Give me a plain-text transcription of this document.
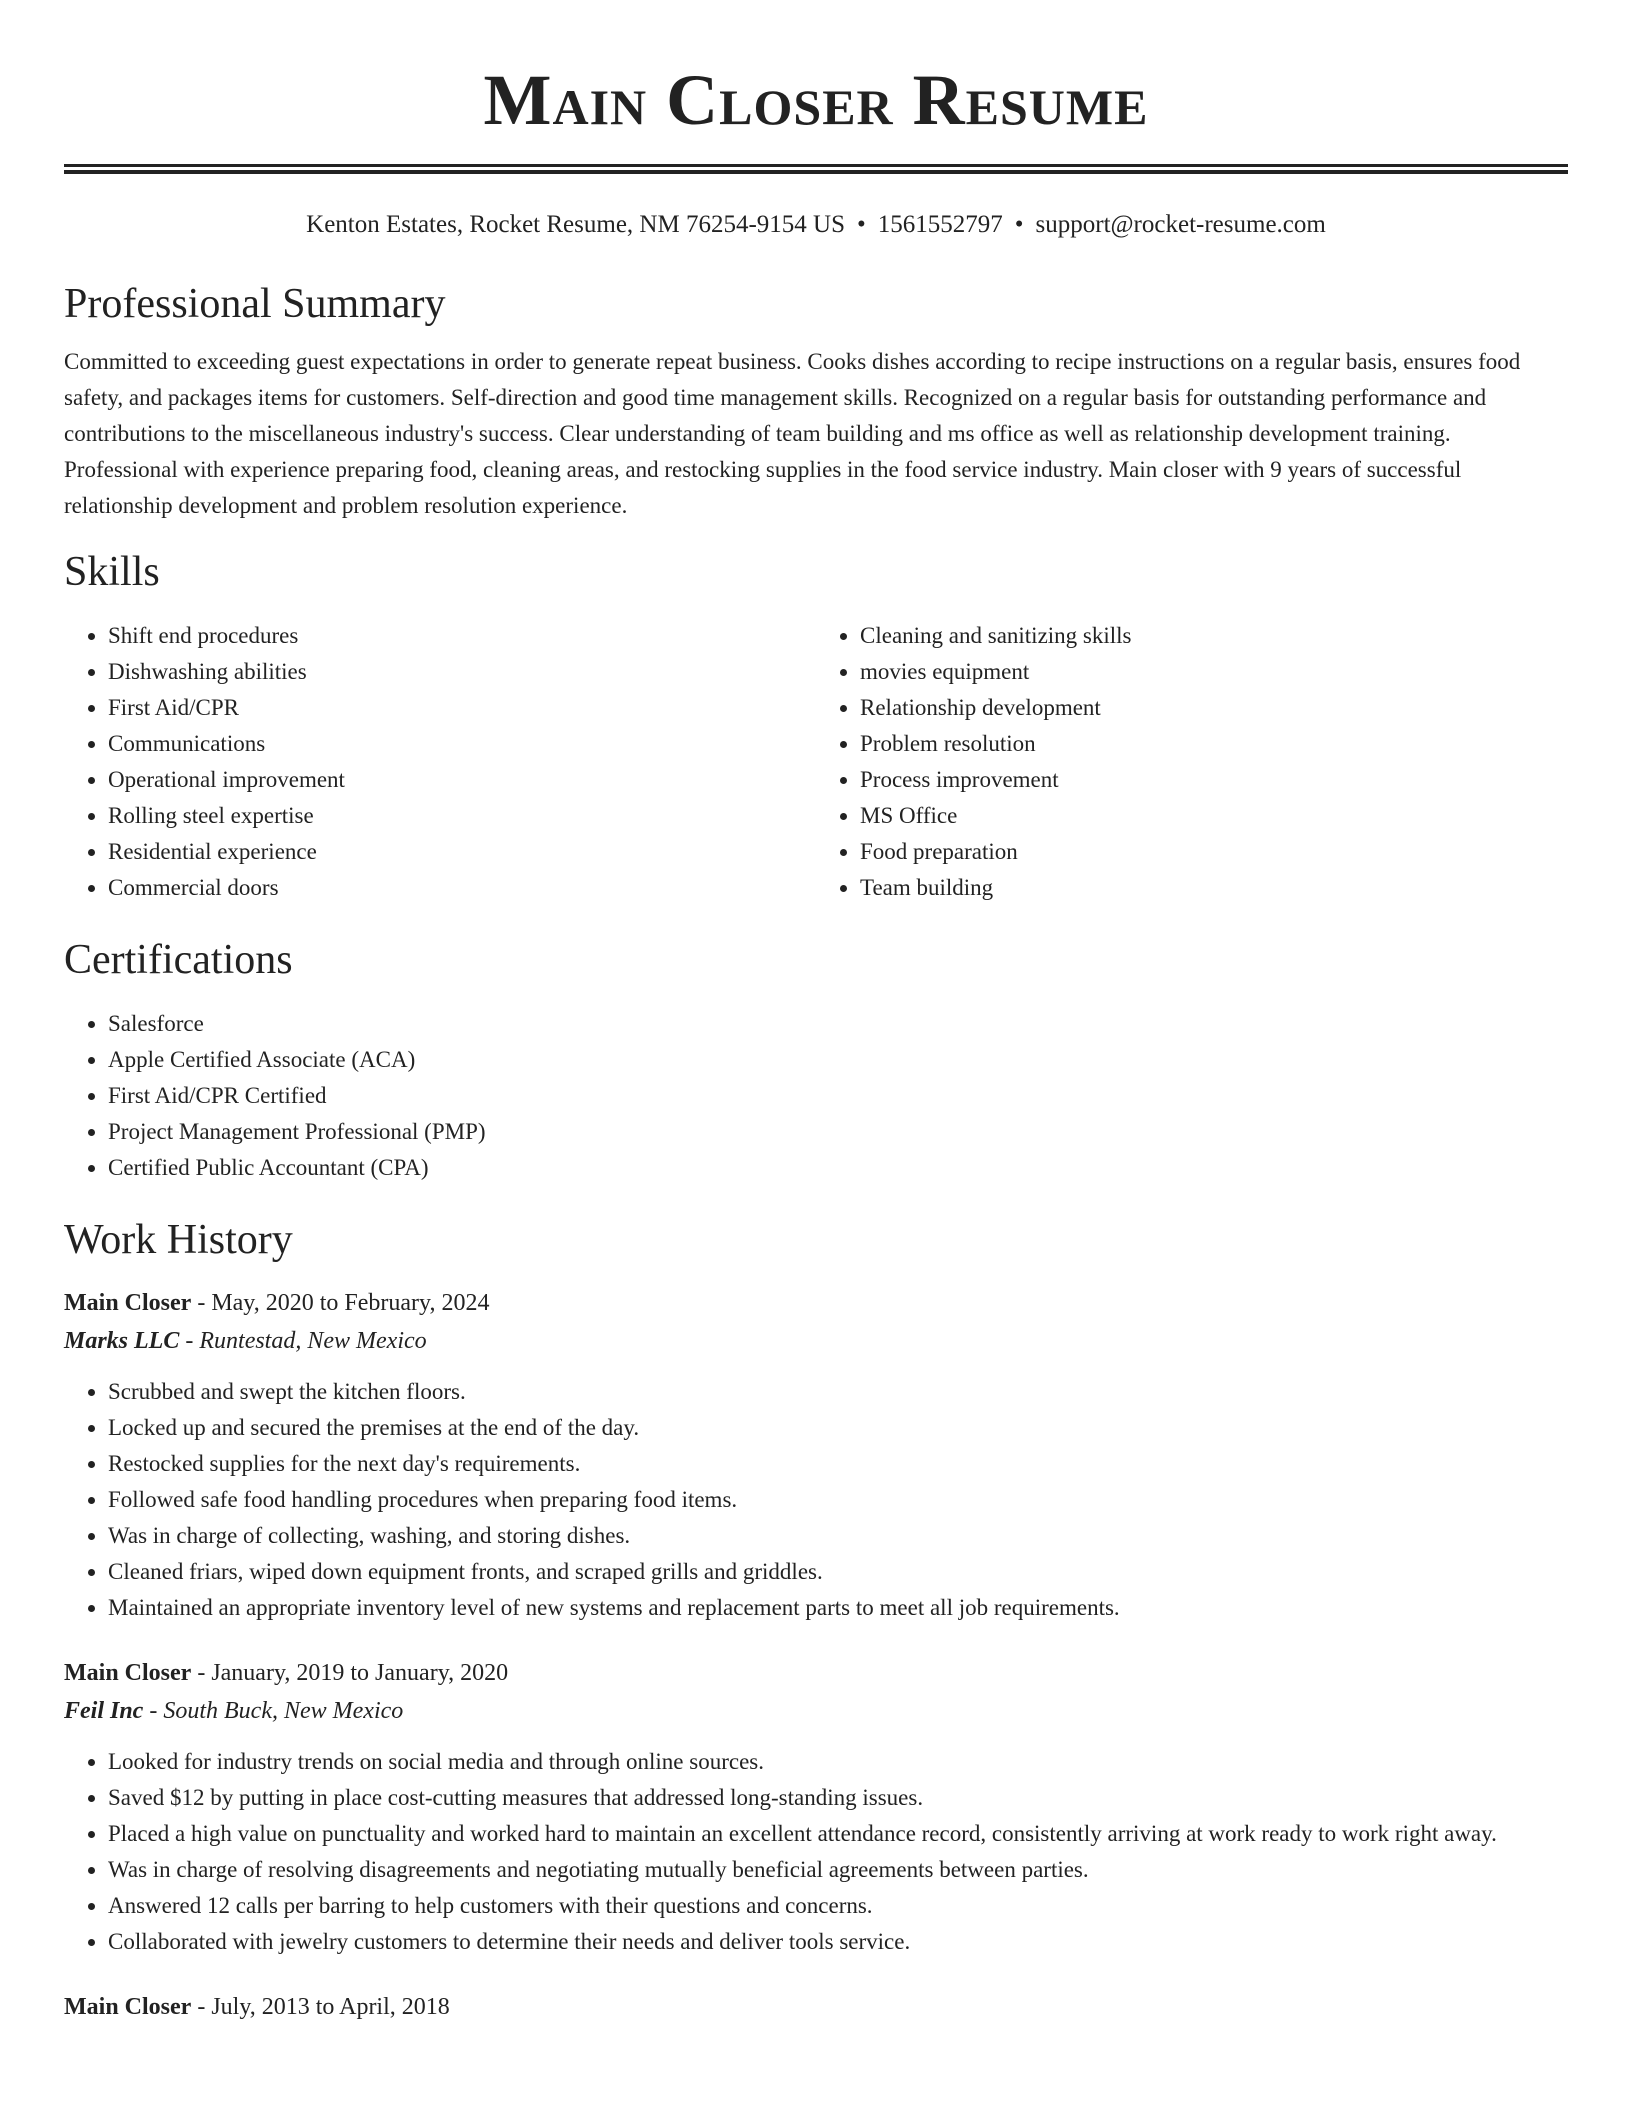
Main Closer Resume
Kenton Estates, Rocket Resume, NM 76254-9154 US • 1561552797 • support@rocket-resume.com
Professional Summary

Committed to exceeding guest expectations in order to generate repeat business. Cooks dishes according to recipe instructions on a regular basis, ensures food safety, and packages items for customers. Self-direction and good time management skills. Recognized on a regular basis for outstanding performance and contributions to the miscellaneous industry's success. Clear understanding of team building and ms office as well as relationship development training. Professional with experience preparing food, cleaning areas, and restocking supplies in the food service industry. Main closer with 9 years of successful relationship development and problem resolution experience.

Skills
• Shift end procedures
• Dishwashing abilities
• First Aid/CPR
• Communications
• Operational improvement
• Rolling steel expertise
• Residential experience
• Commercial doors
• Cleaning and sanitizing skills
• movies equipment
• Relationship development
• Problem resolution
• Process improvement
• MS Office
• Food preparation
• Team building
Certifications
• Salesforce
• Apple Certified Associate (ACA)
• First Aid/CPR Certified
• Project Management Professional (PMP)
• Certified Public Accountant (CPA)
Work History
Main Closer - May, 2020 to February, 2024
Marks LLC - Runtestad, New Mexico
• Scrubbed and swept the kitchen floors.
• Locked up and secured the premises at the end of the day.
• Restocked supplies for the next day's requirements.
• Followed safe food handling procedures when preparing food items.
• Was in charge of collecting, washing, and storing dishes.
• Cleaned friars, wiped down equipment fronts, and scraped grills and griddles.
• Maintained an appropriate inventory level of new systems and replacement parts to meet all job requirements.
Main Closer - January, 2019 to January, 2020
Feil Inc - South Buck, New Mexico
• Looked for industry trends on social media and through online sources.
• Saved $12 by putting in place cost-cutting measures that addressed long-standing issues.
• Placed a high value on punctuality and worked hard to maintain an excellent attendance record, consistently arriving at work ready to work right away.
• Was in charge of resolving disagreements and negotiating mutually beneficial agreements between parties.
• Answered 12 calls per barring to help customers with their questions and concerns.
• Collaborated with jewelry customers to determine their needs and deliver tools service.
Main Closer - July, 2013 to April, 2018
